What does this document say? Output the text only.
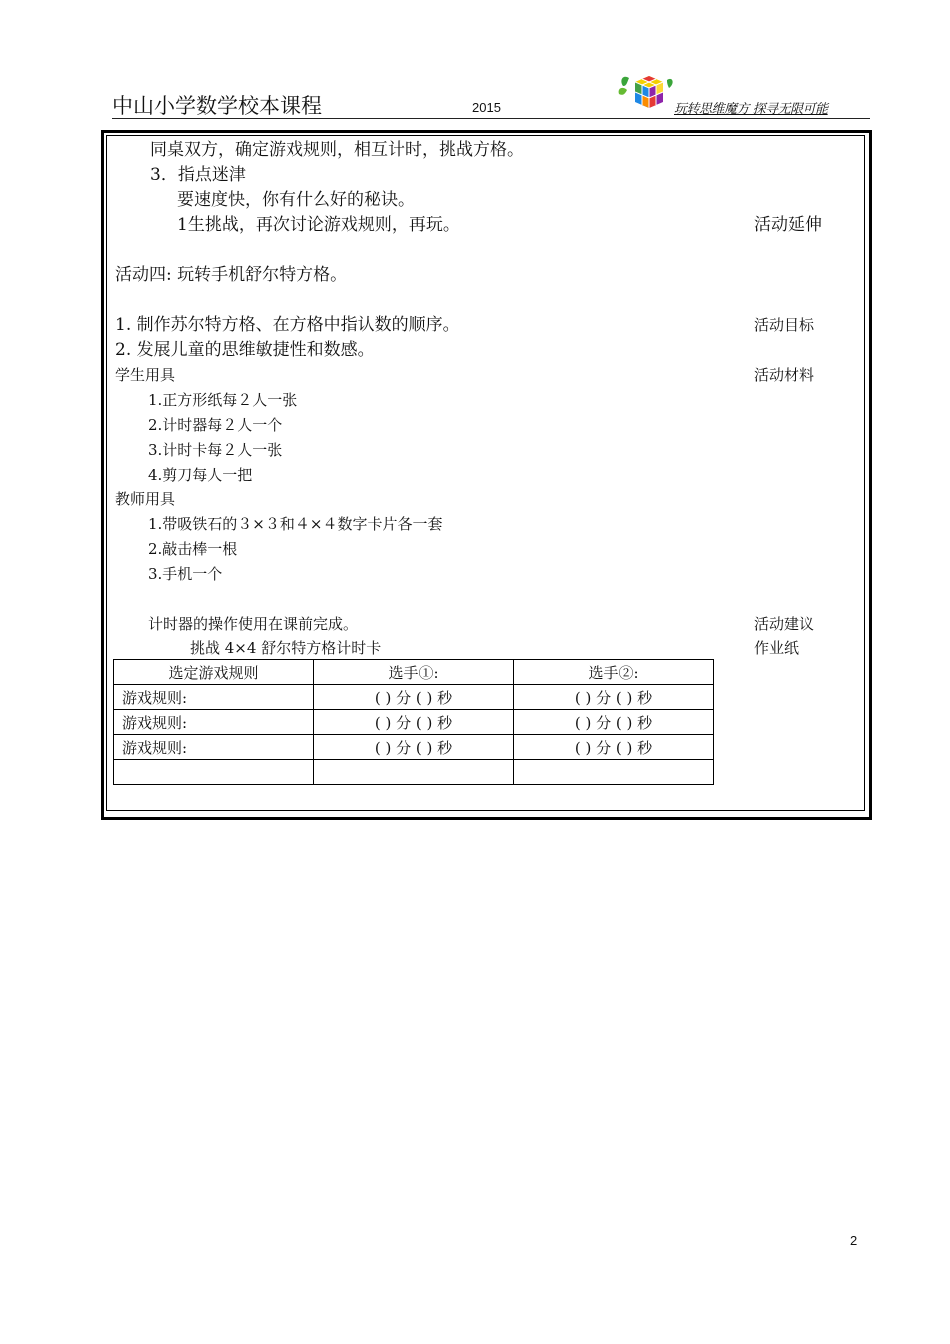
中山小学数学校本课程	2015	玩转思维魔方 探寻无限可能
同桌双方，确定游戏规则，相互计时，挑战方格。
3．指点迷津
要速度快，你有什么好的秘诀。
1生挑战，再次讨论游戏规则，再玩。	活动延伸
活动四: 玩转手机舒尔特方格。
1. 制作苏尔特方格、在方格中指认数的顺序。	活动目标
2. 发展儿童的思维敏捷性和数感。
学生用具	活动材料
1.正方形纸每２人一张
2.计时器每２人一个
3.计时卡每２人一张
4.剪刀每人一把
教师用具
1.带吸铁石的３×３和４×４数字卡片各一套
2.敲击棒一根
3.手机一个
计时器的操作使用在课前完成。	活动建议
挑战 4×4 舒尔特方格计时卡	作业纸
选定游戏规则	选手①:	选手②:
游戏规则:	( ) 分 ( ) 秒	( ) 分 ( ) 秒
游戏规则:	( ) 分 ( ) 秒	( ) 分 ( ) 秒
游戏规则:	( ) 分 ( ) 秒	( ) 分 ( ) 秒

2
